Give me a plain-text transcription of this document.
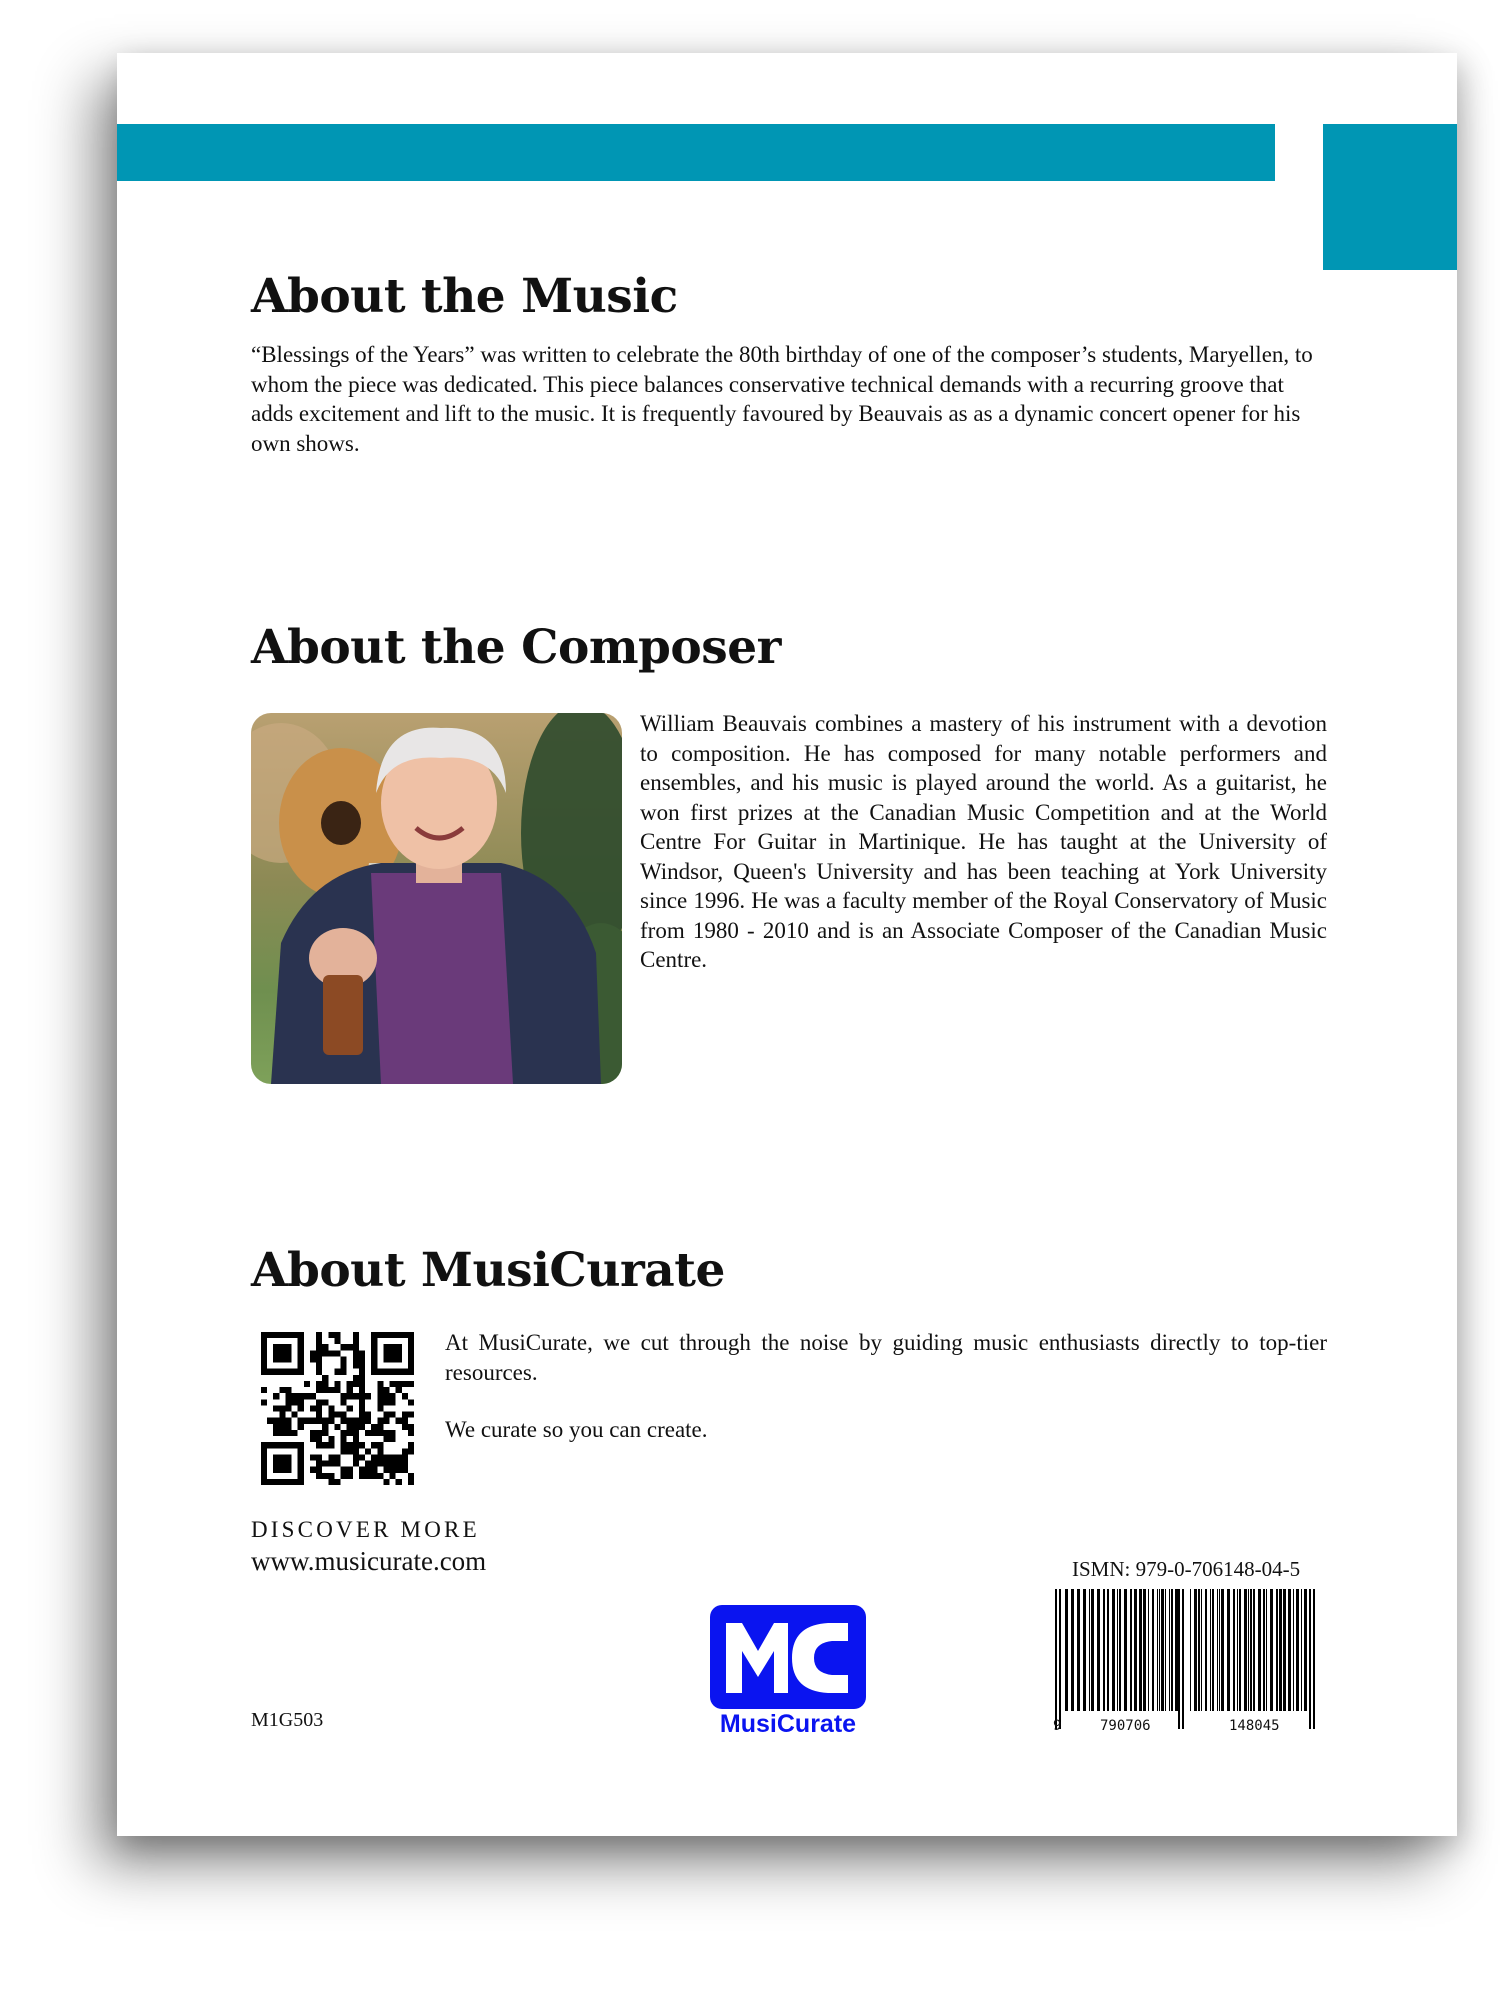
About the Music

“Blessings of the Years” was written to celebrate the 80th birthday of one of the composer’s students, Maryellen, to whom the piece was dedicated. This piece balances conservative technical demands with a recurring groove that adds excitement and lift to the music. It is frequently favoured by Beauvais as as a dynamic concert opener for his own shows.

About the Composer

William Beauvais combines a mastery of his instrument with a devotion to composition. He has composed for many notable performers and ensembles, and his music is played around the world. As a guitarist, he won first prizes at the Canadian Music Competition and at the World Centre For Guitar in Martinique. He has taught at the University of Windsor, Queen's University and has been teaching at York University since 1996. He was a faculty member of the Royal Conservatory of Music from 1980 - 2010 and is an Associate Composer of the Canadian Music Centre.

About MusiCurate

At MusiCurate, we cut through the noise by guiding music enthusiasts directly to top-tier resources.

We curate so you can create.

DISCOVER MORE
www.musicurate.com
M1G503	MusiCurate
ISMN: 979-0-706148-04-5
9	790706	148045
